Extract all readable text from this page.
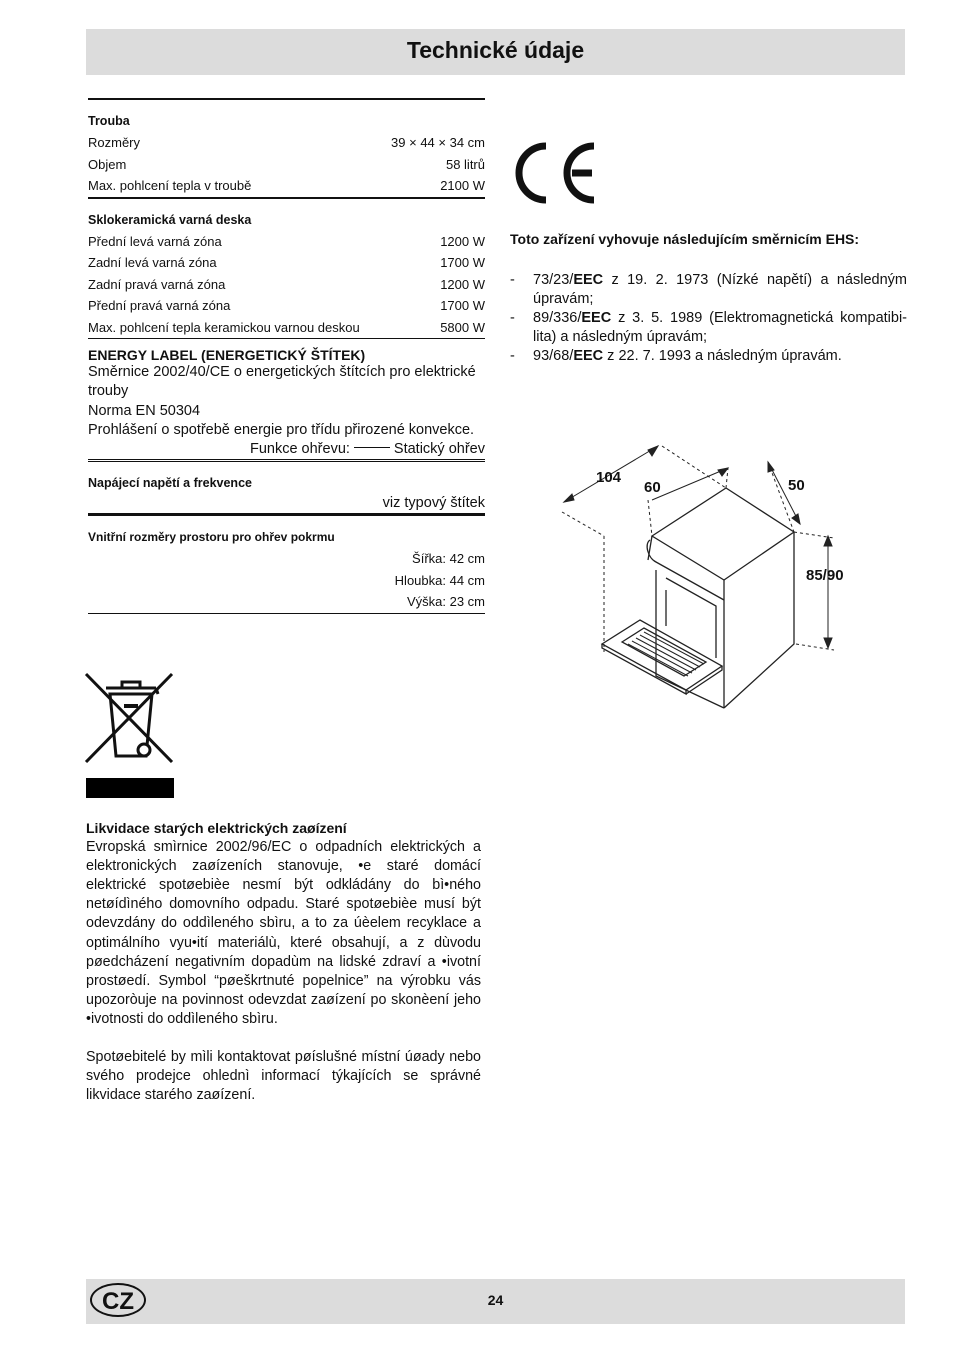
Technické údaje
Trouba
Rozměry	39 × 44 × 34 cm
Objem	58 litrů
Max. pohlcení tepla v troubě	2100 W
Sklokeramická varná deska
Přední levá varná zóna	1200 W
Zadní levá varná zóna	1700 W
Zadní pravá varná zóna	1200 W
Přední pravá varná zóna	1700 W
Max. pohlcení tepla keramickou varnou deskou	5800 W
ENERGY LABEL (ENERGETICKÝ ŠTÍTEK)
Směrnice 2002/40/CE o energetických štítcích pro elektrické trouby
Norma EN 50304
Prohlášení o spotřebě energie pro třídu přirozené konvekce.
Funkce ohřevu:	Statický ohřev
Napájecí napětí a frekvence
viz typový štítek
Vnitřní rozměry prostoru pro ohřev pokrmu
Šířka: 42 cm
Hloubka: 44 cm
Výška: 23 cm
Likvidace starých elektrických zaøízení

Evropská smìrnice 2002/96/EC o odpadních elektrických a elektronických zaøízeních stanovuje, •e staré domácí elektrické spotøebièe nesmí být odkládány do bì•ného netøídìného domovního odpadu. Staré spotøebièe musí být odevzdány do oddìleného sbìru, a to za úèelem recyklace a optimálního vyu•ití materiálù, které obsahují, a z dùvodu pøedcházení negativním dopadùm na lidské zdraví a •ivotní prostøedí. Symbol “pøeškrtnuté popelnice” na výrobku vás upozoròuje na povinnost odevzdat zaøízení po skonèení jeho •ivotnosti do oddìleného sbìru.

Spotøebitelé by mìli kontaktovat pøíslušné místní úøady nebo svého prodejce ohlednì informací týkajících se správné likvidace starého zaøízení.

Toto zařízení vyhovuje následujícím směrnicím EHS:
-	73/23/EEC z 19. 2. 1973 (Nízké napětí) a následným úpravám;
-	89/336/EEC z 3. 5. 1989 (Elektromagnetická kompatibi-lita) a následným úpravám;
-	93/68/EEC z 22. 7. 1993 a následným úpravám.
104
60	50
85/90
CZ	24
